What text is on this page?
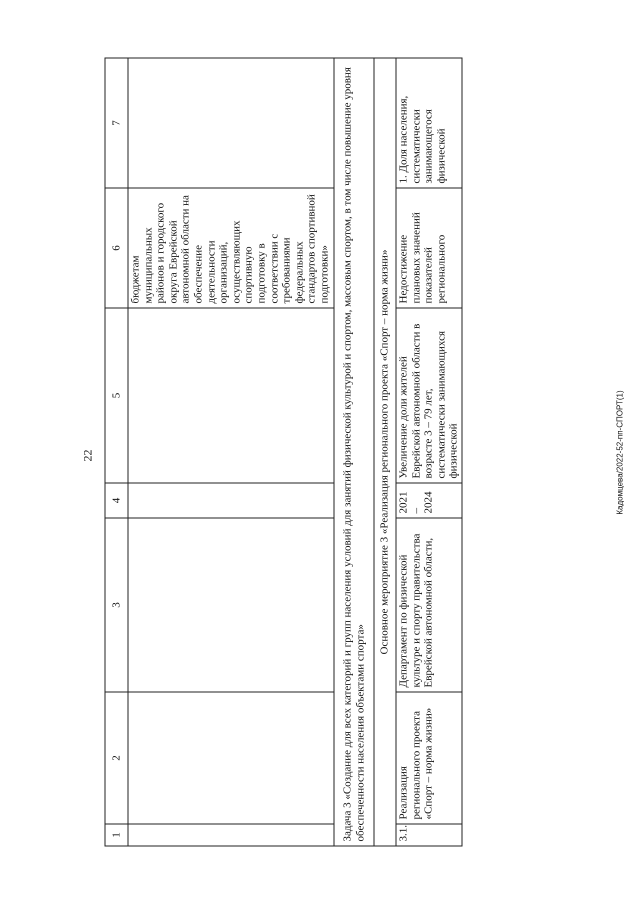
22	Кадомцева/2022-52-пп-СПОРТ(1)
1	2	3	4	5	6	7
					бюджетам муниципальных районов и городского округа Еврейской автономной области на обеспечение деятельности организаций, осуществляющих спортивную подготовку в соответствии с требованиями федеральных стандартов спортивной подготовки»	
Задача 3 «Создание для всех категорий и групп населения условий для занятий физической культурой и спортом, массовым спортом, в том числе повышение уровня обеспеченности населения объектами спорта»						
Основное мероприятие 3 «Реализация регионального проекта «Спорт – норма жизни»						
3.1.	Реализация регионального проекта «Спорт – норма жизни»	Департамент по физической культуре и спорту правительства Еврейской автономной области,	2021 – 2024	Увеличение доли жителей Еврейской автономной области в возрасте 3 – 79 лет, систематически занимающихся физической	Недостижение плановых значений показателей регионального	1. Доля населения, систематически занимающегося физической
